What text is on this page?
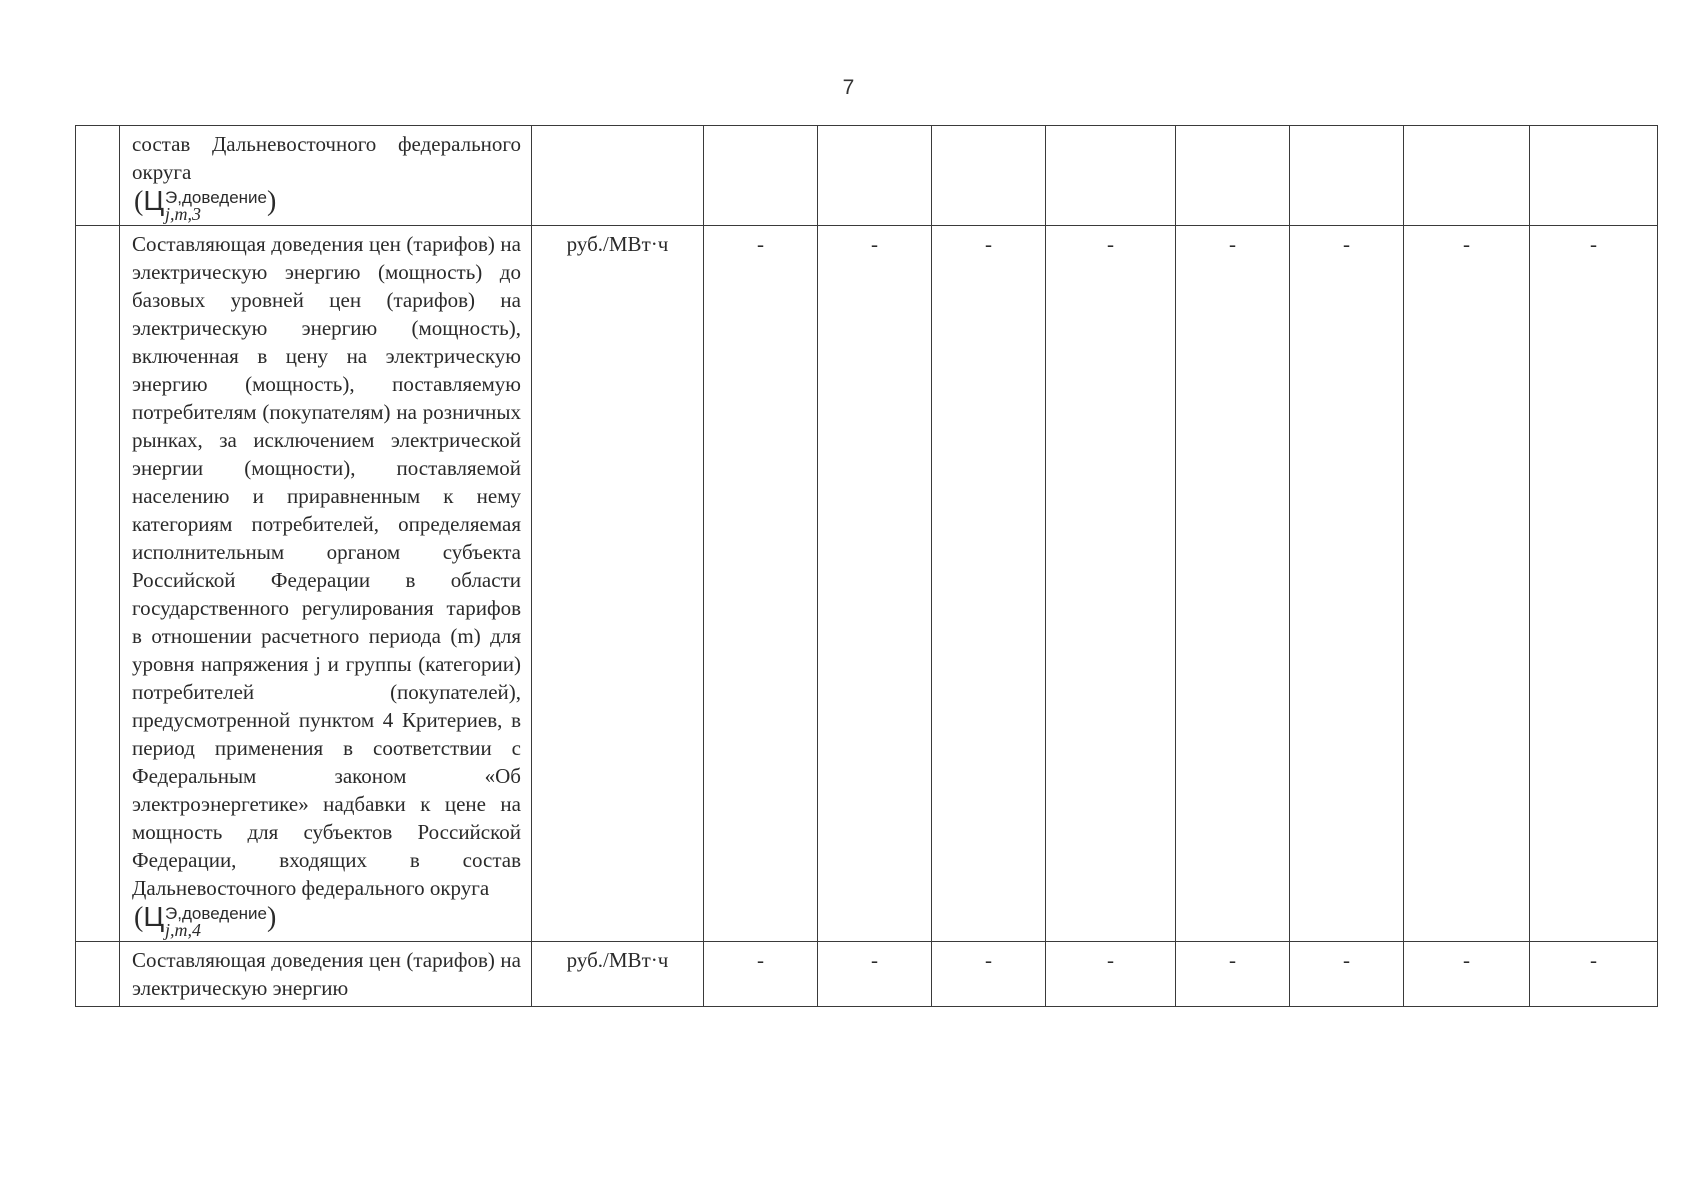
7
	состав Дальневосточного федерального округа
(Ц Э,доведение
j,m,3 )									
	Составляющая доведения цен (тарифов) на электрическую энергию (мощность) до базовых уровней цен (тарифов) на электрическую энергию (мощность), включенная в цену на электрическую энергию (мощность), поставляемую потребителям (покупателям) на розничных рынках, за исключением электрической энергии (мощности), поставляемой населению и приравненным к нему категориям потребителей, определяемая исполнительным органом субъекта Российской Федерации в области государственного регулирования тарифов в отношении расчетного периода (m) для уровня напряжения j и группы (категории) потребителей (покупателей), предусмотренной пунктом 4 Критериев, в период применения в соответствии с Федеральным законом «Об электроэнергетике» надбавки к цене на мощность для субъектов Российской Федерации, входящих в состав Дальневосточного федерального округа
(Ц Э,доведение
j,m,4 )	руб./МВт·ч	-	-	-	-	-	-	-	-
	Составляющая доведения цен (тарифов) на электрическую энергию	руб./МВт·ч	-	-	-	-	-	-	-	-
